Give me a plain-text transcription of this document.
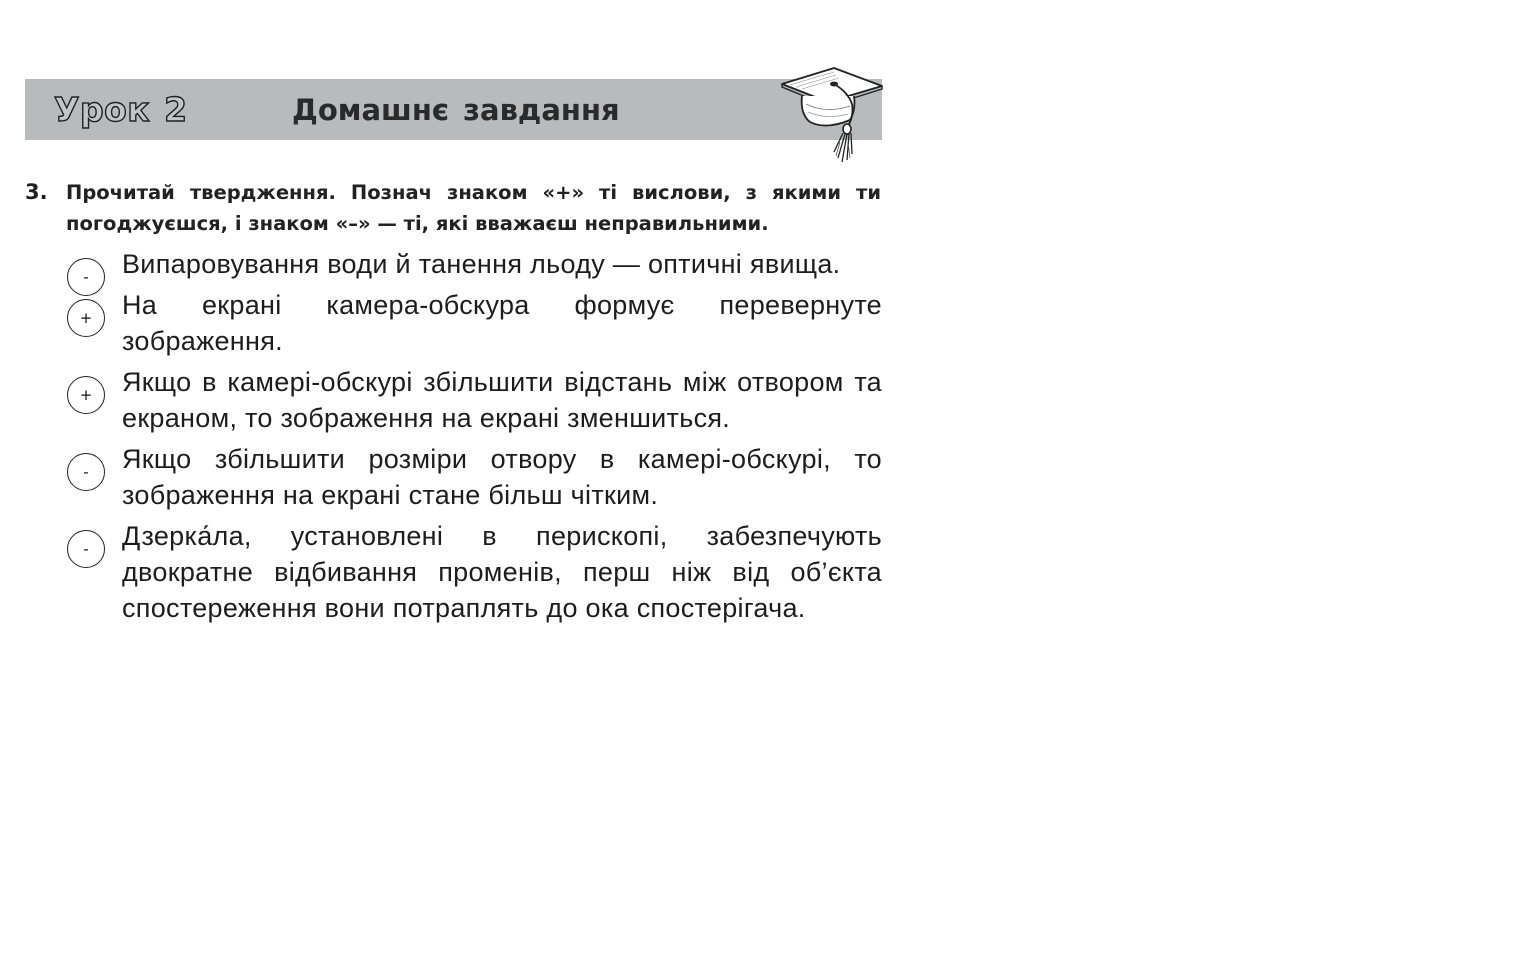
Урок 2	Домашнє завдання
3. Прочитай твердження. Познач знаком «+» ті вислови, з якими ти погоджуєшся, і знаком «–» — ті, які вважаєш неправильними.
-	Випаровування води й танення льоду — оптичні явища.
+	На екрані камера-обскура формує перевернуте зображення.
+	Якщо в камері-обскурі збільшити відстань між отвором та екраном, то зображення на екрані зменшиться.
-	Якщо збільшити розміри отвору в камері-обскурі, то зображення на екрані стане більш чітким.
-	Дзерка́ла, установлені в перископі, забезпечують двократне відбивання променів, перш ніж від об’єкта спостереження вони потраплять до ока спостерігача.
